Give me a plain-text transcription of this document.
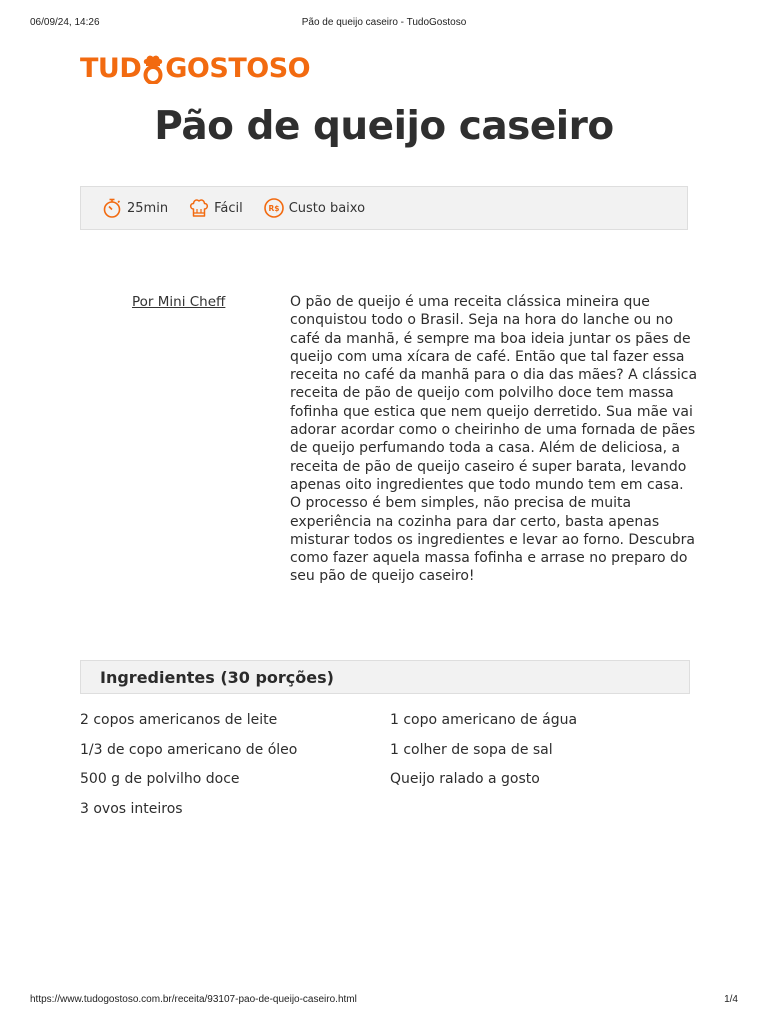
06/09/24, 14:26	Pão de queijo caseiro - TudoGostoso
TUD GOSTOSO
Pão de queijo caseiro
25min	Fácil	R$ Custo baixo
Por Mini Cheff	O pão de queijo é uma receita clássica mineira que conquistou todo o Brasil. Seja na hora do lanche ou no café da manhã, é sempre ma boa ideia juntar os pães de queijo com uma xícara de café. Então que tal fazer essa receita no café da manhã para o dia das mães? A clássica receita de pão de queijo com polvilho doce tem massa fofinha que estica que nem queijo derretido. Sua mãe vai adorar acordar como o cheirinho de uma fornada de pães de queijo perfumando toda a casa. Além de deliciosa, a receita de pão de queijo caseiro é super barata, levando apenas oito ingredientes que todo mundo tem em casa. O processo é bem simples, não precisa de muita experiência na cozinha para dar certo, basta apenas misturar todos os ingredientes e levar ao forno. Descubra como fazer aquela massa fofinha e arrase no preparo do seu pão de queijo caseiro!

Ingredientes (30 porções)
2 copos americanos de leite
1/3 de copo americano de óleo
500 g de polvilho doce
3 ovos inteiros
1 copo americano de água
1 colher de sopa de sal
Queijo ralado a gosto
https://www.tudogostoso.com.br/receita/93107-pao-de-queijo-caseiro.html	1/4
